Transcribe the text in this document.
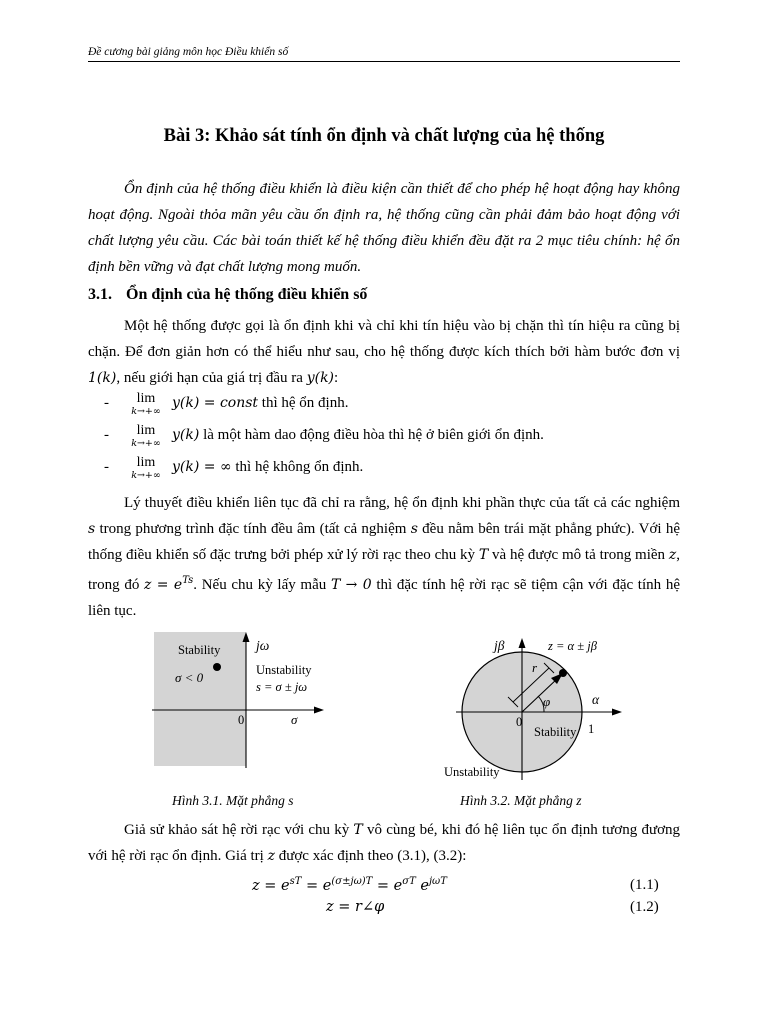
Đề cương bài giảng môn học Điều khiển số
Bài 3: Khảo sát tính ổn định và chất lượng của hệ thống
Ổn định của hệ thống điều khiển là điều kiện cần thiết để cho phép hệ hoạt động hay không hoạt động. Ngoài thỏa mãn yêu cầu ổn định ra, hệ thống cũng cần phải đảm bảo hoạt động với chất lượng yêu cầu. Các bài toán thiết kế hệ thống điều khiển đều đặt ra 2 mục tiêu chính: hệ ổn định bền vững và đạt chất lượng mong muốn.
3.1. Ổn định của hệ thống điều khiển số
Một hệ thống được gọi là ổn định khi và chỉ khi tín hiệu vào bị chặn thì tín hiệu ra cũng bị chặn. Để đơn giản hơn có thể hiểu như sau, cho hệ thống được kích thích bởi hàm bước đơn vị 1(k), nếu giới hạn của giá trị đầu ra y(k):
-	lim
k→+∞
y(k) = const thì hệ ổn định.
-	lim
k→+∞
y(k) là một hàm dao động điều hòa thì hệ ở biên giới ổn định.
-	lim
k→+∞
y(k) = ∞ thì hệ không ổn định.
Lý thuyết điều khiển liên tục đã chỉ ra rằng, hệ ổn định khi phần thực của tất cả các nghiệm s trong phương trình đặc tính đều âm (tất cả nghiệm s đều nằm bên trái mặt phẳng phức). Với hệ thống điều khiển số đặc trưng bởi phép xử lý rời rạc theo chu kỳ T và hệ được mô tả trong miền z, trong đó $z = e^{Ts}$. Nếu chu kỳ lấy mẫu T → 0 thì đặc tính hệ rời rạc sẽ tiệm cận với đặc tính hệ liên tục.
Stability
σ < 0
jω
Unstability
s = σ ± jω
0	σ
Hình 3.1. Mặt phẳng s
jβ	z = α ± jβ
r
φ	α
0	1
Stability
Unstability
Hình 3.2. Mặt phẳng z
Giả sử khảo sát hệ rời rạc với chu kỳ T vô cùng bé, khi đó hệ liên tục ổn định tương đương với hệ rời rạc ổn định. Giá trị z được xác định theo (3.1), (3.2):
$z = e^{sT} = e^{(\sigma\pm j\omega)T} = e^{\sigma T}$ $e^{j\omega T}$	(1.1)
z = r∠φ	(1.2)
